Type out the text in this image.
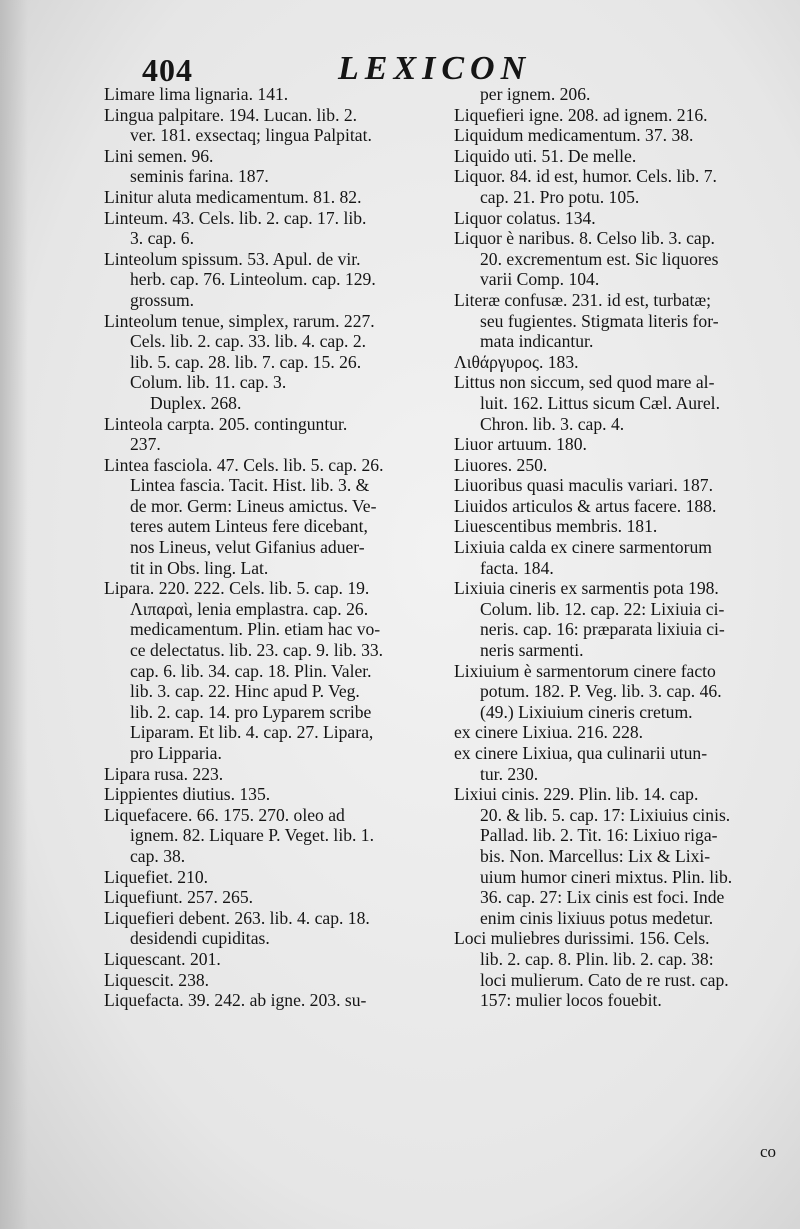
404	LEXICON
Limare lima lignaria. 141.
Lingua palpitare. 194. Lucan. lib. 2.
ver. 181. exsectaq; lingua Palpitat.
Lini semen. 96.
seminis farina. 187.
Linitur aluta medicamentum. 81. 82.
Linteum. 43. Cels. lib. 2. cap. 17. lib.
3. cap. 6.
Linteolum spissum. 53. Apul. de vir.
herb. cap. 76. Linteolum. cap. 129.
grossum.
Linteolum tenue, simplex, rarum. 227.
Cels. lib. 2. cap. 33. lib. 4. cap. 2.
lib. 5. cap. 28. lib. 7. cap. 15. 26.
Colum. lib. 11. cap. 3.
Duplex. 268.
Linteola carpta. 205. continguntur.
237.
Lintea fasciola. 47. Cels. lib. 5. cap. 26.
Lintea fascia. Tacit. Hist. lib. 3. &
de mor. Germ: Lineus amictus. Ve-
teres autem Linteus fere dicebant,
nos Lineus, velut Gifanius aduer-
tit in Obs. ling. Lat.
Lipara. 220. 222. Cels. lib. 5. cap. 19.
Λιπαραὶ, lenia emplastra. cap. 26.
medicamentum. Plin. etiam hac vo-
ce delectatus. lib. 23. cap. 9. lib. 33.
cap. 6. lib. 34. cap. 18. Plin. Valer.
lib. 3. cap. 22. Hinc apud P. Veg.
lib. 2. cap. 14. pro Lyparem scribe
Liparam. Et lib. 4. cap. 27. Lipara,
pro Lipparia.
Lipara rusa. 223.
Lippientes diutius. 135.
Liquefacere. 66. 175. 270. oleo ad
ignem. 82. Liquare P. Veget. lib. 1.
cap. 38.
Liquefiet. 210.
Liquefiunt. 257. 265.
Liquefieri debent. 263. lib. 4. cap. 18.
desidendi cupiditas.
Liquescant. 201.
Liquescit. 238.
Liquefacta. 39. 242. ab igne. 203. su-
per ignem. 206.
Liquefieri igne. 208. ad ignem. 216.
Liquidum medicamentum. 37. 38.
Liquido uti. 51. De melle.
Liquor. 84. id est, humor. Cels. lib. 7.
cap. 21. Pro potu. 105.
Liquor colatus. 134.
Liquor è naribus. 8. Celso lib. 3. cap.
20. excrementum est. Sic liquores
varii Comp. 104.
Literæ confusæ. 231. id est, turbatæ;
seu fugientes. Stigmata literis for-
mata indicantur.
Λιθάργυρος. 183.
Littus non siccum, sed quod mare al-
luit. 162. Littus sicum Cæl. Aurel.
Chron. lib. 3. cap. 4.
Liuor artuum. 180.
Liuores. 250.
Liuoribus quasi maculis variari. 187.
Liuidos articulos & artus facere. 188.
Liuescentibus membris. 181.
Lixiuia calda ex cinere sarmentorum
facta. 184.
Lixiuia cineris ex sarmentis pota 198.
Colum. lib. 12. cap. 22: Lixiuia ci-
neris. cap. 16: præparata lixiuia ci-
neris sarmenti.
Lixiuium è sarmentorum cinere facto
potum. 182. P. Veg. lib. 3. cap. 46.
(49.) Lixiuium cineris cretum.
ex cinere Lixiua. 216. 228.
ex cinere Lixiua, qua culinarii utun-
tur. 230.
Lixiui cinis. 229. Plin. lib. 14. cap.
20. & lib. 5. cap. 17: Lixiuius cinis.
Pallad. lib. 2. Tit. 16: Lixiuo riga-
bis. Non. Marcellus: Lix & Lixi-
uium humor cineri mixtus. Plin. lib.
36. cap. 27: Lix cinis est foci. Inde
enim cinis lixiuus potus medetur.
Loci muliebres durissimi. 156. Cels.
lib. 2. cap. 8. Plin. lib. 2. cap. 38:
loci mulierum. Cato de re rust. cap.
157: mulier locos fouebit.
co
